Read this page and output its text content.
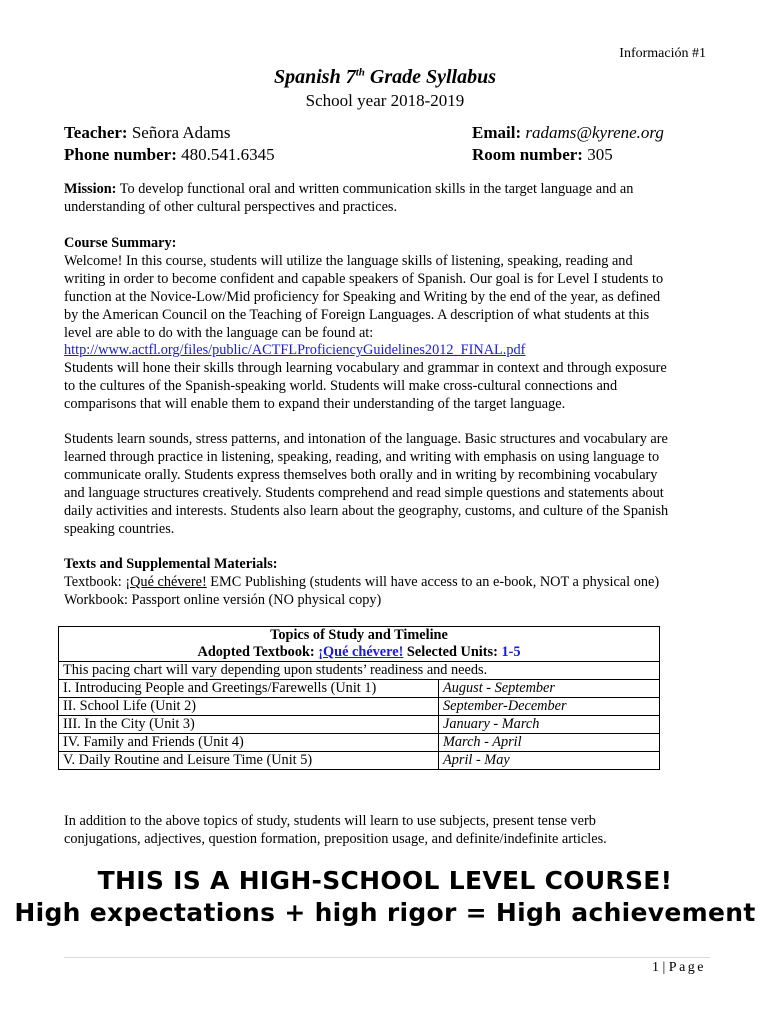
Información #1
Spanish 7th Grade Syllabus
School year 2018-2019
Teacher: Señora Adams
Phone number: 480.541.6345
Email: radams@kyrene.org
Room number: 305
Mission: To develop functional oral and written communication skills in the target language and an
understanding of other cultural perspectives and practices.
Course Summary:
Welcome! In this course, students will utilize the language skills of listening, speaking, reading and
writing in order to become confident and capable speakers of Spanish. Our goal is for Level I students to
function at the Novice-Low/Mid proficiency for Speaking and Writing by the end of the year, as defined
by the American Council on the Teaching of Foreign Languages. A description of what students at this
level are able to do with the language can be found at:
http://www.actfl.org/files/public/ACTFLProficiencyGuidelines2012_FINAL.pdf
Students will hone their skills through learning vocabulary and grammar in context and through exposure
to the cultures of the Spanish-speaking world. Students will make cross-cultural connections and
comparisons that will enable them to expand their understanding of the target language.
Students learn sounds, stress patterns, and intonation of the language. Basic structures and vocabulary are
learned through practice in listening, speaking, reading, and writing with emphasis on using language to
communicate orally. Students express themselves both orally and in writing by recombining vocabulary
and language structures creatively. Students comprehend and read simple questions and statements about
daily activities and interests. Students also learn about the geography, customs, and culture of the Spanish
speaking countries.
Texts and Supplemental Materials:
Textbook: ¡Qué chévere! EMC Publishing (students will have access to an e-book, NOT a physical one)
Workbook: Passport online versión (NO physical copy)
Topics of Study and Timeline
Adopted Textbook: ¡Qué chévere! Selected Units: 1-5	
This pacing chart will vary depending upon students’ readiness and needs.	
I. Introducing People and Greetings/Farewells (Unit 1)	August - September
II. School Life (Unit 2)	September-December
III. In the City (Unit 3)	January - March
IV. Family and Friends (Unit 4)	March - April
V. Daily Routine and Leisure Time (Unit 5)	April - May
In addition to the above topics of study, students will learn to use subjects, present tense verb
conjugations, adjectives, question formation, preposition usage, and definite/indefinite articles.
THIS IS A HIGH-SCHOOL LEVEL COURSE!
High expectations + high rigor = High achievement
1 | Page
